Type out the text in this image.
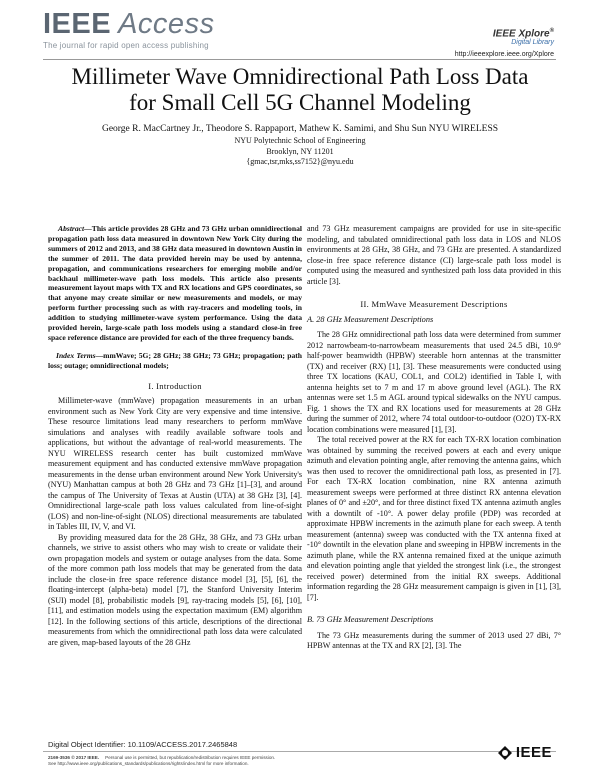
IEEE Access
The journal for rapid open access publishing
IEEE Xplore®
Digital Library
http://ieeexplore.ieee.org/Xplore
Millimeter Wave Omnidirectional Path Loss Data
for Small Cell 5G Channel Modeling
George R. MacCartney Jr., Theodore S. Rappaport, Mathew K. Samimi, and Shu Sun NYU WIRELESS
NYU Polytechnic School of Engineering
Brooklyn, NY 11201
{gmac,tsr,mks,ss7152}@nyu.edu

Abstract—This article provides 28 GHz and 73 GHz urban omnidirectional propagation path loss data measured in downtown New York City during the summers of 2012 and 2013, and 38 GHz data measured in downtown Austin in the summer of 2011. The data provided herein may be used by antenna, propagation, and communications researchers for emerging mobile and/or backhaul millimeter-wave path loss models. This article also presents measurement layout maps with TX and RX locations and GPS coordinates, so that anyone may create similar or new measurements and models, or may perform further processing such as with ray-tracers and modeling tools, in addition to studying millimeter-wave system performance. Using the data provided herein, large-scale path loss models using a standard close-in free space reference distance are provided for each of the three frequency bands.

Index Terms—mmWave; 5G; 28 GHz; 38 GHz; 73 GHz; propagation; path loss; outage; omnidirectional models;

I. Introduction

Millimeter-wave (mmWave) propagation measurements in an urban environment such as New York City are very expensive and time intensive. These resource limitations lead many researchers to perform mmWave simulations and analyses with readily available software tools and applications, but without the advantage of real-world measurements. The NYU WIRELESS research center has built customized mmWave measurement equipment and has conducted extensive mmWave propagation measurements in the dense urban environment around New York University's (NYU) Manhattan campus at both 28 GHz and 73 GHz [1]–[3], and around the campus of The University of Texas at Austin (UTA) at 38 GHz [3], [4]. Omnidirectional large-scale path loss values calculated from line-of-sight (LOS) and non-line-of-sight (NLOS) directional measurements are tabulated in Tables III, IV, V, and VI.

By providing measured data for the 28 GHz, 38 GHz, and 73 GHz urban channels, we strive to assist others who may wish to create or validate their own propagation models and system or outage analyses from the data. Some of the more common path loss models that may be generated from the data include the close-in free space reference distance model [3], [5], [6], the floating-intercept (alpha-beta) model [7], the Stanford University Interim (SUI) model [8], probabilistic models [9], ray-tracing models [5], [6], [10], [11], and estimation models using the expectation maximum (EM) algorithm [12]. In the following sections of this article, descriptions of the directional measurements from which the omnidirectional path loss data were calculated are given, map-based layouts of the 28 GHz

and 73 GHz measurement campaigns are provided for use in site-specific modeling, and tabulated omnidirectional path loss data in LOS and NLOS environments at 28 GHz, 38 GHz, and 73 GHz are presented. A standardized close-in free space reference distance (CI) large-scale path loss model is computed using the measured and synthesized path loss data provided in this article [3].

II. MmWave Measurement Descriptions
A. 28 GHz Measurement Descriptions

The 28 GHz omnidirectional path loss data were determined from summer 2012 narrowbeam-to-narrowbeam measurements that used 24.5 dBi, 10.9° half-power beamwidth (HPBW) steerable horn antennas at the transmitter (TX) and receiver (RX) [1], [3]. These measurements were conducted using three TX locations (KAU, COL1, and COL2) identified in Table I, with antenna heights set to 7 m and 17 m above ground level (AGL). The RX antennas were set 1.5 m AGL around typical sidewalks on the NYU campus. Fig. 1 shows the TX and RX locations used for measurements at 28 GHz during the summer of 2012, where 74 total outdoor-to-outdoor (O2O) TX-RX location combinations were measured [1], [3].

The total received power at the RX for each TX-RX location combination was obtained by summing the received powers at each and every unique azimuth and elevation pointing angle, after removing the antenna gains, which was then used to recover the omnidirectional path loss, as presented in [7]. For each TX-RX location combination, nine RX antenna azimuth measurement sweeps were performed at three distinct RX antenna elevation planes of 0° and ±20°, and for three distinct fixed TX antenna azimuth angles with a downtilt of -10°. A power delay profile (PDP) was recorded at approximate HPBW increments in the azimuth plane for each sweep. A tenth measurement (antenna) sweep was conducted with the TX antenna fixed at -10° downtilt in the elevation plane and sweeping in HPBW increments in the azimuth plane, while the RX antenna remained fixed at the unique azimuth and elevation pointing angle that yielded the strongest link (i.e., the strongest received power) determined from the initial RX sweeps. Additional information regarding the 28 GHz measurement campaign is given in [1], [3], [7].

B. 73 GHz Measurement Descriptions

The 73 GHz measurements during the summer of 2013 used 27 dBi, 7° HPBW antennas at the TX and RX [2], [3]. The

Digital Object Identifier: 10.1109/ACCESS.2017.2465848
2169-3536 © 2017 IEEE. Personal use is permitted, but republication/redistribution requires IEEE permission.
See http://www.ieee.org/publications_standards/publications/rights/index.html for more information.
IEEE
